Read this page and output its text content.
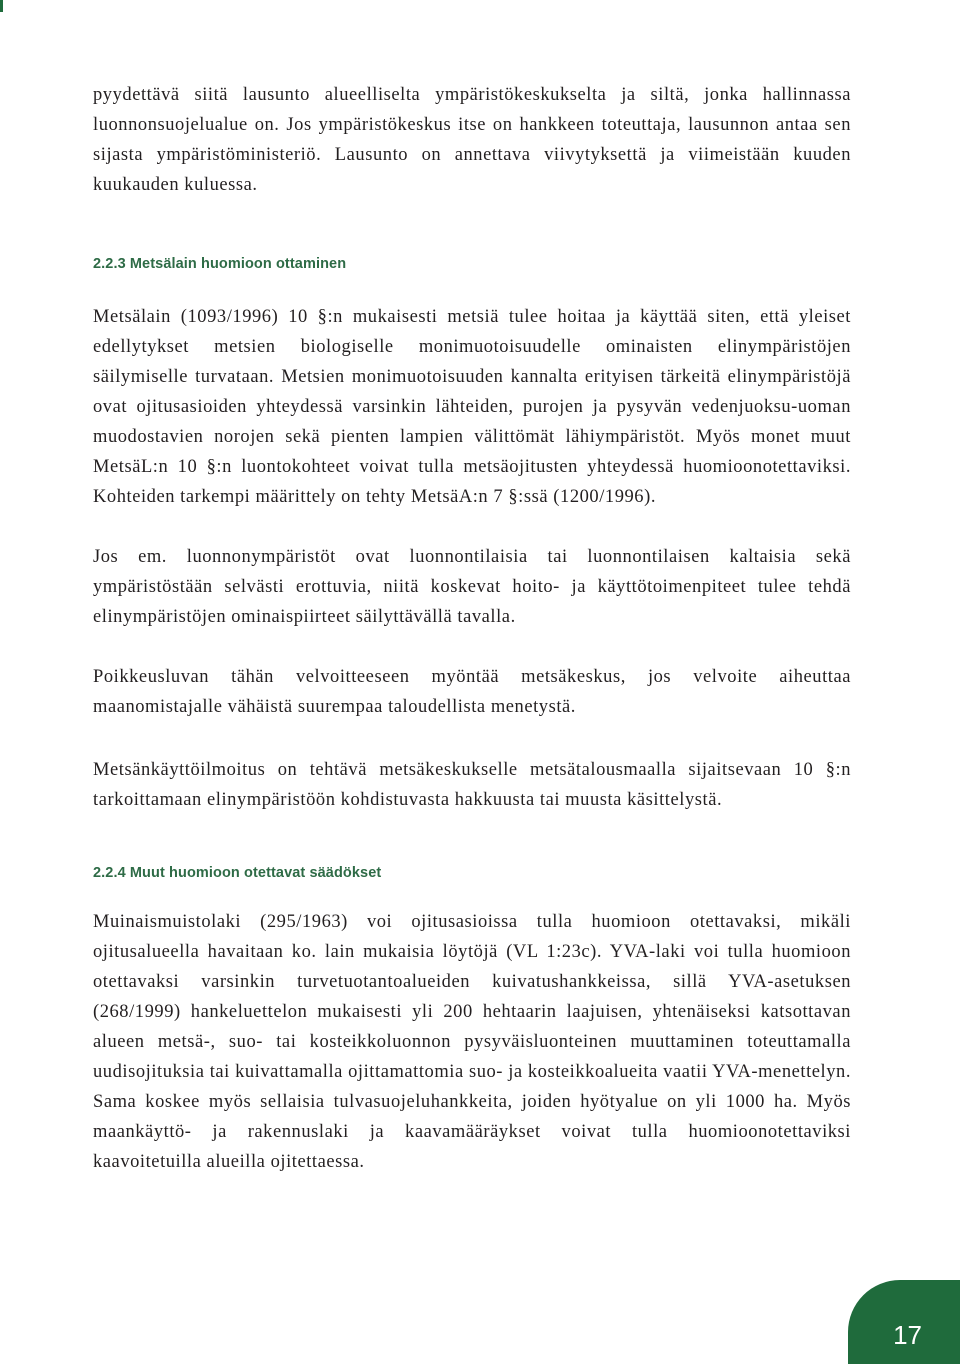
pyydettävä siitä lausunto alueelliselta ympäristökeskukselta ja siltä, jonka hallinnassa luonnonsuojelualue on. Jos ympäristökeskus itse on hankkeen toteuttaja, lausunnon antaa sen sijasta ympäristöministeriö. Lausunto on annettava viivytyksettä ja viimeistään kuuden kuukauden kuluessa.

2.2.3 Metsälain huomioon ottaminen

Metsälain (1093/1996) 10 §:n mukaisesti metsiä tulee hoitaa ja käyttää siten, että yleiset edellytykset metsien biologiselle monimuotoisuudelle ominaisten elinympäristöjen säilymiselle turvataan. Metsien monimuotoisuuden kannalta erityisen tärkeitä elinympäristöjä ovat ojitusasioiden yhteydessä varsinkin lähteiden, purojen ja pysyvän vedenjuoksu-uoman muodostavien norojen sekä pienten lampien välittömät lähiympäristöt. Myös monet muut MetsäL:n 10 §:n luontokohteet voivat tulla metsäojitusten yhteydessä huomioonotettaviksi. Kohteiden tarkempi määrittely on tehty MetsäA:n 7 §:ssä (1200/1996).

Jos em. luonnonympäristöt ovat luonnontilaisia tai luonnontilaisen kaltaisia sekä ympäristöstään selvästi erottuvia, niitä koskevat hoito- ja käyttötoimenpiteet tulee tehdä elinympäristöjen ominaispiirteet säilyttävällä tavalla.

Poikkeusluvan tähän velvoitteeseen myöntää metsäkeskus, jos velvoite aiheuttaa maanomistajalle vähäistä suurempaa taloudellista menetystä.

Metsänkäyttöilmoitus on tehtävä metsäkeskukselle metsätalousmaalla sijaitsevaan 10 §:n tarkoittamaan elinympäristöön kohdistuvasta hakkuusta tai muusta käsittelystä.

2.2.4 Muut huomioon otettavat säädökset

Muinaismuistolaki (295/1963) voi ojitusasioissa tulla huomioon otettavaksi, mikäli ojitusalueella havaitaan ko. lain mukaisia löytöjä (VL 1:23c). YVA-laki voi tulla huomioon otettavaksi varsinkin turvetuotantoalueiden kuivatushankkeissa, sillä YVA-asetuksen (268/1999) hankeluettelon mukaisesti yli 200 hehtaarin laajuisen, yhtenäiseksi katsottavan alueen metsä-, suo- tai kosteikkoluonnon pysyväisluonteinen muuttaminen toteuttamalla uudisojituksia tai kuivattamalla ojittamattomia suo- ja kosteikkoalueita vaatii YVA-menettelyn. Sama koskee myös sellaisia tulvasuojeluhankkeita, joiden hyötyalue on yli 1000 ha. Myös maankäyttö- ja rakennuslaki ja kaavamääräykset voivat tulla huomioonotettaviksi kaavoitetuilla alueilla ojitettaessa.

17
